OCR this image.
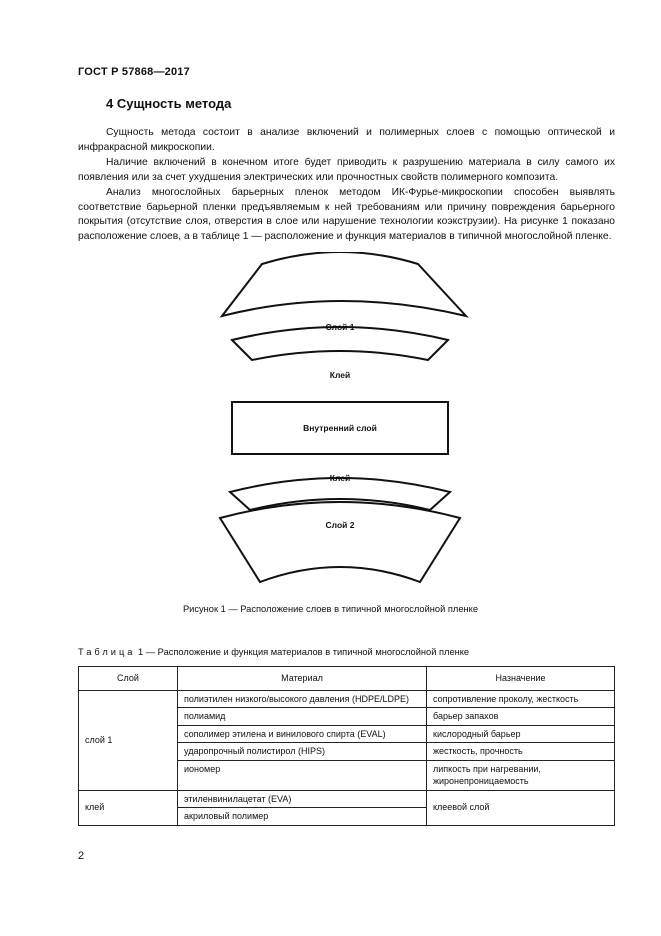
ГОСТ Р 57868—2017
4 Сущность метода

Сущность метода состоит в анализе включений и полимерных слоев с помощью оптической и инфракрасной микроскопии.

Наличие включений в конечном итоге будет приводить к разрушению материала в силу самого их появления или за счет ухудшения электрических или прочностных свойств полимерного композита.

Анализ многослойных барьерных пленок методом ИК-Фурье-микроскопии способен выявлять соответствие барьерной пленки предъявляемым к ней требованиям или причину повреждения барьерного покрытия (отсутствие слоя, отверстия в слое или нарушение технологии коэкструзии). На рисунке 1 показано расположение слоев, а в таблице 1 — расположение и функция материалов в типичной многослойной пленке.

Слой 1
Клей
Внутренний слой
Клей
Слой 2
Рисунок 1 — Расположение слоев в типичной многослойной пленке
Таблица 1 — Расположение и функция материалов в типичной многослойной пленке
Слой	Материал	Назначение
слой 1	полиэтилен низкого/высокого давления (HDPE/LDPE)	сопротивление проколу, жесткость
	полиамид	барьер запахов
	сополимер этилена и винилового спирта (EVAL)	кислородный барьер
	ударопрочный полистирол (HIPS)	жесткость, прочность
	иономер	липкость при нагревании, жиронепроницаемость
клей	этиленвинилацетат (EVA)	клеевой слой
	акриловый полимер	
2
